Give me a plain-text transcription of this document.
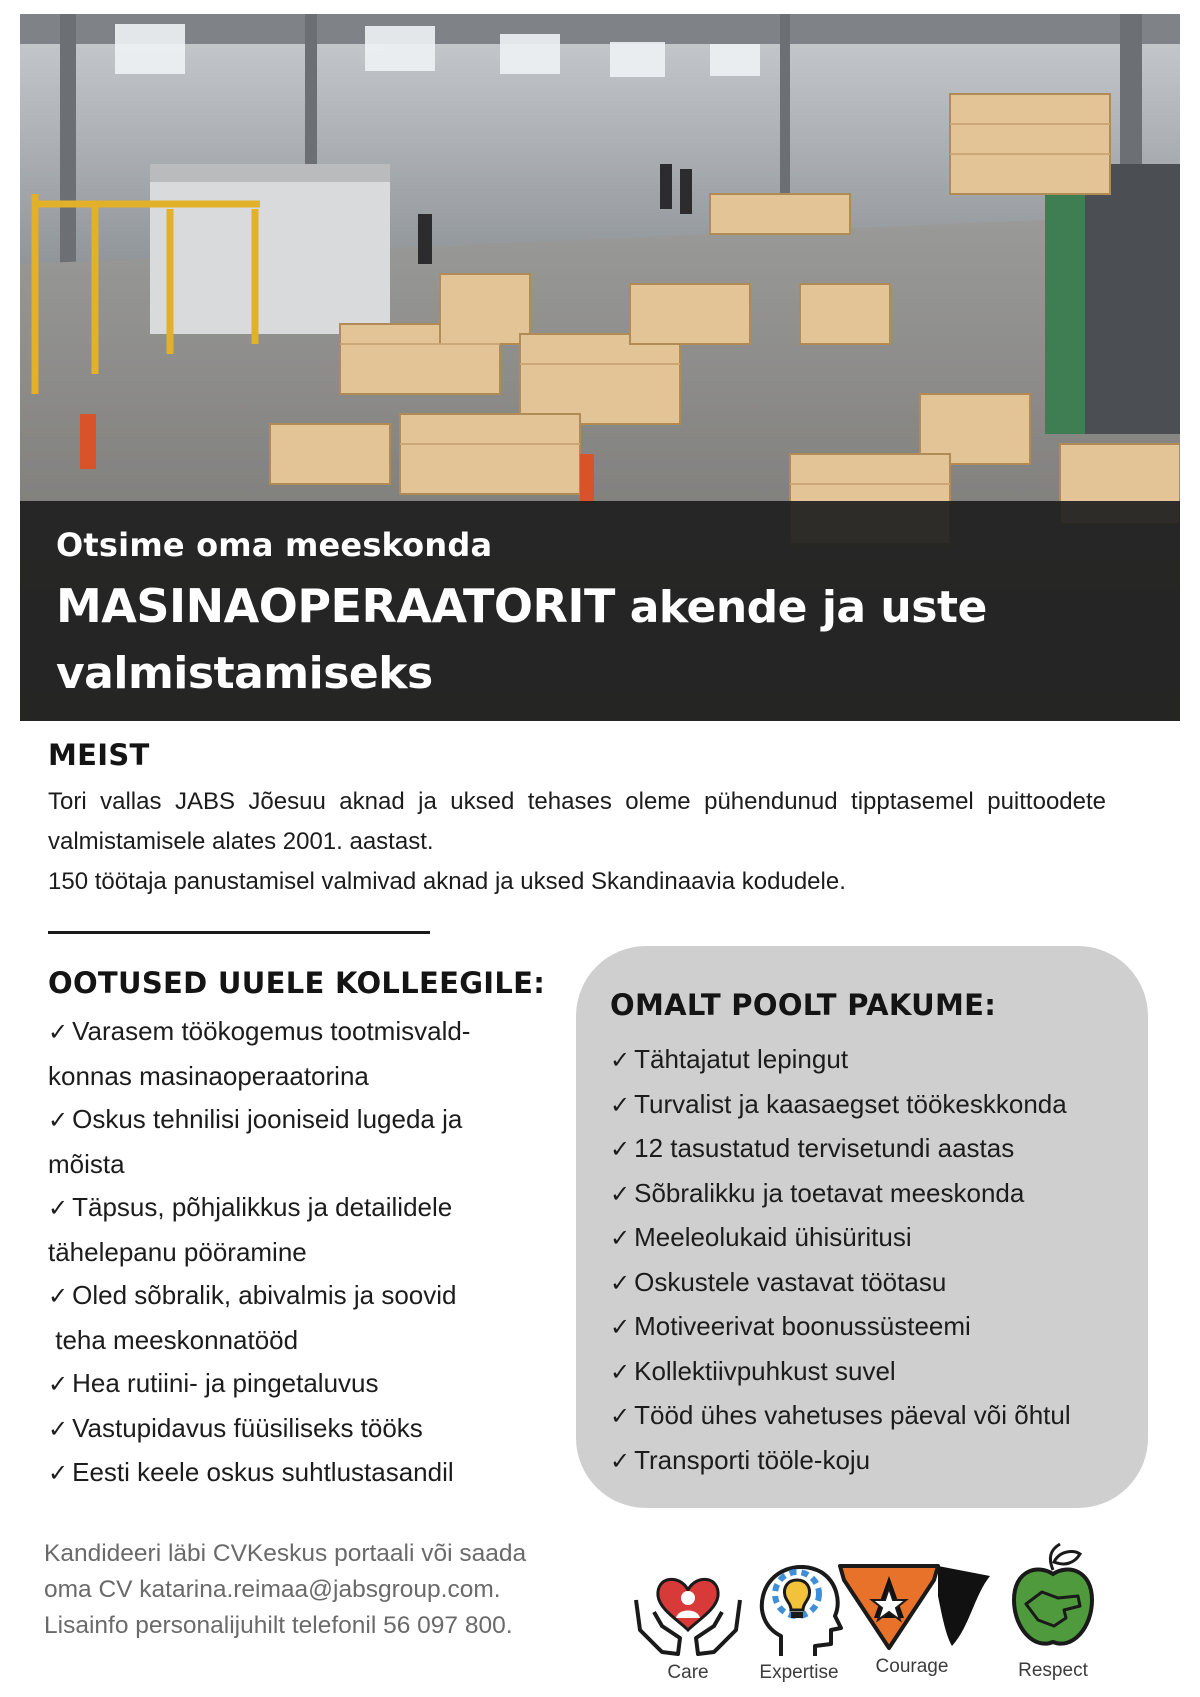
Otsime oma meeskonda
MASINAOPERAATORIT akende ja uste valmistamiseks
MEIST

Tori vallas JABS Jõesuu aknad ja uksed tehases oleme pühendunud tipptasemel puittoodete valmistamisele alates 2001. aastast.

150 töötaja panustamisel valmivad aknad ja uksed Skandinaavia kodudele.

OOTUSED UUELE KOLLEEGILE:
✓ Varasem töökogemus tootmisvald-
konnas masinaoperaatorina
✓ Oskus tehnilisi jooniseid lugeda ja
mõista
✓ Täpsus, põhjalikkus ja detailidele
tähelepanu pööramine
✓ Oled sõbralik, abivalmis ja soovid
teha meeskonnatööd
✓ Hea rutiini- ja pingetaluvus
✓ Vastupidavus füüsiliseks tööks
✓ Eesti keele oskus suhtlustasandil
OMALT POOLT PAKUME:
✓ Tähtajatut lepingut
✓ Turvalist ja kaasaegset töökeskkonda
✓ 12 tasustatud tervisetundi aastas
✓ Sõbralikku ja toetavat meeskonda
✓ Meeleolukaid ühisüritusi
✓ Oskustele vastavat töötasu
✓ Motiveerivat boonussüsteemi
✓ Kollektiivpuhkust suvel
✓ Tööd ühes vahetuses päeval või õhtul
✓ Transporti tööle-koju

Kandideeri läbi CVKeskus portaali või saada

oma CV katarina.reimaa@jabsgroup.com.

Lisainfo personalijuhilt telefonil 56 097 800.

Care	Expertise	Courage	Respect
